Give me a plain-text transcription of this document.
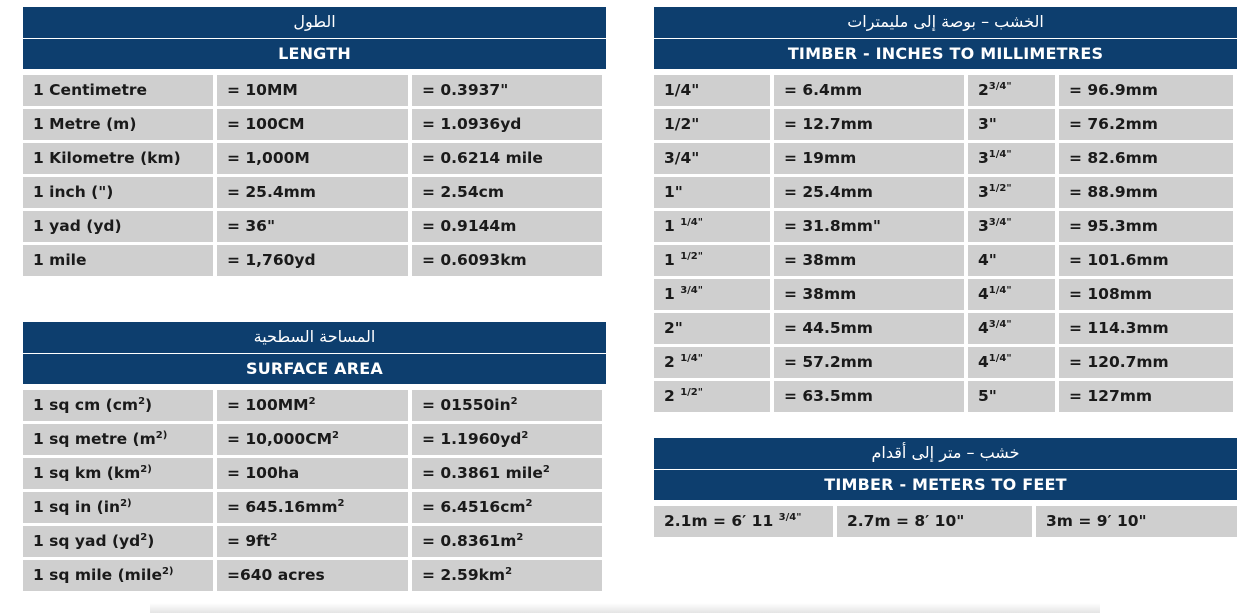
الطول
LENGTH
1 Centimetre	= 10MM	= 0.3937"
1 Metre (m)	= 100CM	= 1.0936yd
1 Kilometre (km)	= 1,000M	= 0.6214 mile
1 inch (")	= 25.4mm	= 2.54cm
1 yad (yd)	= 36"	= 0.9144m
1 mile	= 1,760yd	= 0.6093km
المساحة السطحية
SURFACE AREA
1 sq cm $(cm^2)$	= $100MM^2$	= $01550in^2$
1 sq metre ($m^{2)}$	= $10,000CM^2$	= $1.1960yd^2$
1 sq km ($km^{2)}$	= 100ha	= 0.3861 mile$^2$
1 sq in ($in^{2)}$	= $645.16mm^2$	= $6.4516cm^2$
1 sq yad $(yd^2)$	= $9ft^2$	= $0.8361m^2$
1 sq mile (mile$^{2)}$	=640 acres	= $2.59km^2$
الخشب – بوصة إلى مليمترات
TIMBER - INCHES TO MILLIMETRES
1/4"	= 6.4mm	$2^{3/4"}$	= 96.9mm
1/2"	= 12.7mm	3"	= 76.2mm
3/4"	= 19mm	$3^{1/4"}$	= 82.6mm
1"	= 25.4mm	$3^{1/2"}$	= 88.9mm
1 $^{1/4"}$	= 31.8mm"	$3^{3/4"}$	= 95.3mm
1 $^{1/2"}$	= 38mm	4"	= 101.6mm
1 $^{3/4"}$	= 38mm	$4^{1/4"}$	= 108mm
2"	= 44.5mm	$4^{3/4"}$	= 114.3mm
2 $^{1/4"}$	= 57.2mm	$4^{1/4"}$	= 120.7mm
2 $^{1/2"}$	= 63.5mm	5"	= 127mm
خشب – متر إلى أقدام
TIMBER - METERS TO FEET
2.1m = 6′ 11 $^{3/4"}$	2.7m = 8′ 10"	3m = 9′ 10"
